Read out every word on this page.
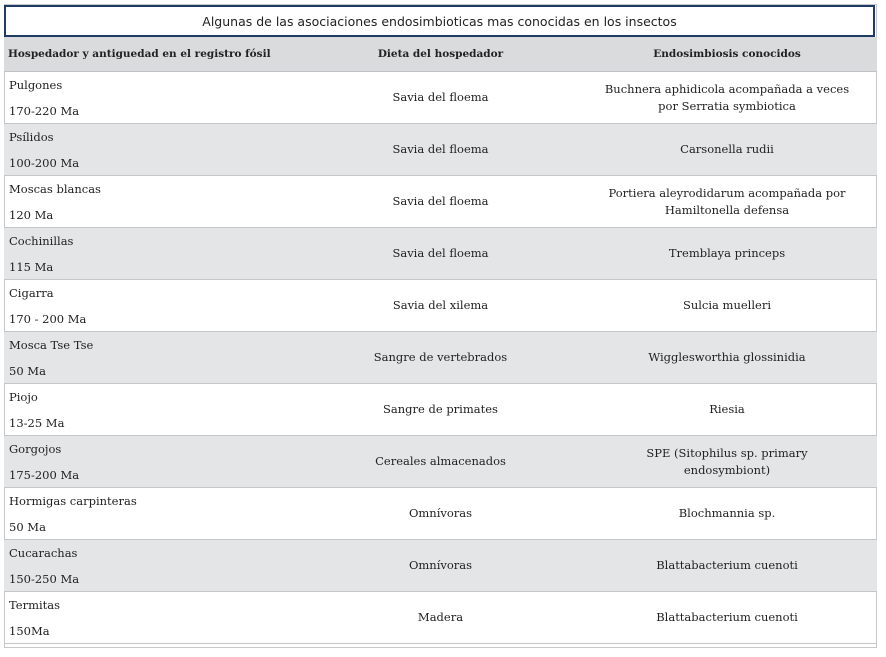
Algunas de las asociaciones endosimbioticas mas conocidas en los insectos
Hospedador y antiguedad en el registro fósil	Dieta del hospedador	Endosimbiosis conocidos

Pulgones
170-220 Ma	Savia del floema	Buchnera aphidicola acompañada a veces por Serratia symbiotica

Psílidos
100-200 Ma	Savia del floema	Carsonella rudii

Moscas blancas
120 Ma	Savia del floema	Portiera aleyrodidarum acompañada por Hamiltonella defensa

Cochinillas
115 Ma	Savia del floema	Tremblaya princeps

Cigarra
170 - 200 Ma	Savia del xilema	Sulcia muelleri

Mosca Tse Tse
50 Ma	Sangre de vertebrados	Wigglesworthia glossinidia

Piojo
13-25 Ma	Sangre de primates	Riesia

Gorgojos
175-200 Ma	Cereales almacenados	SPE (Sitophilus sp. primary endosymbiont)

Hormigas carpinteras
50 Ma	Omnívoras	Blochmannia sp.

Cucarachas
150-250 Ma	Omnívoras	Blattabacterium cuenoti

Termitas
150Ma	Madera	Blattabacterium cuenoti
